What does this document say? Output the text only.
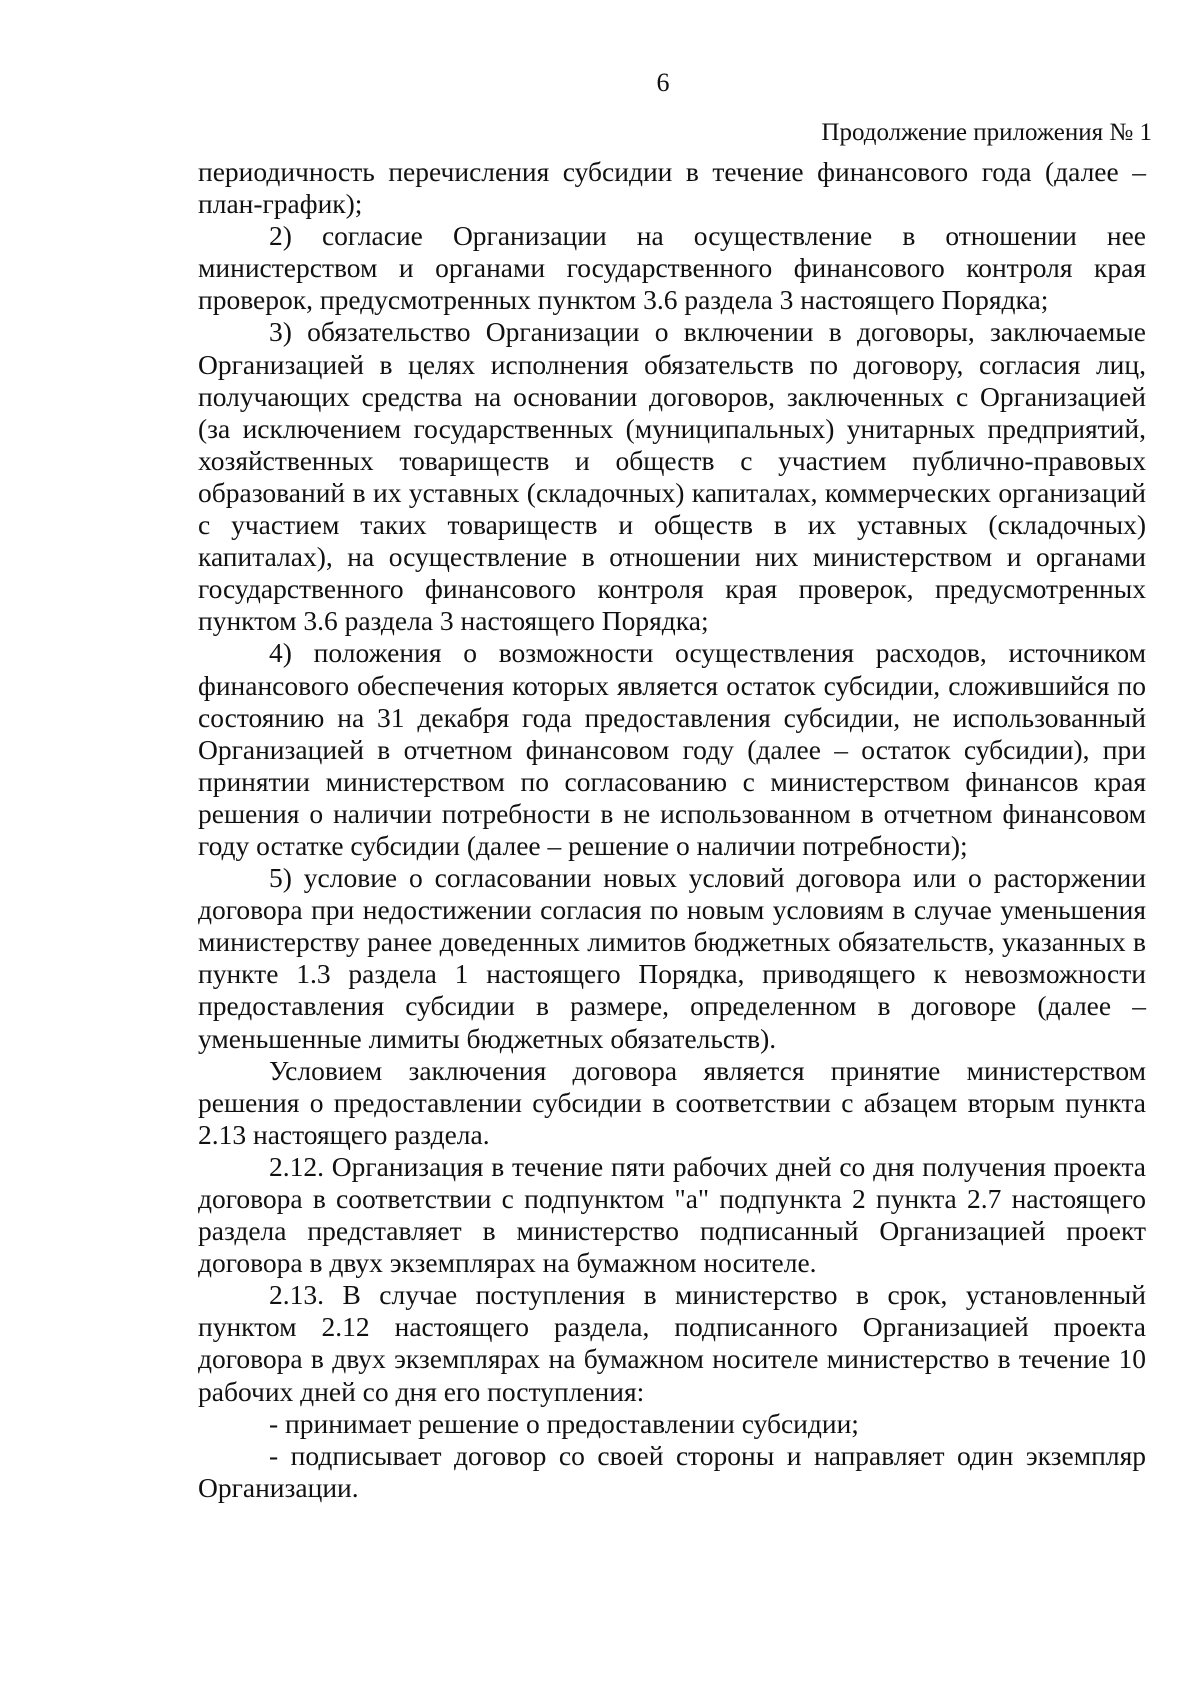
6
Продолжение приложения № 1

периодичность перечисления субсидии в течение финансового года (далее – план-график);

2) согласие Организации на осуществление в отношении нее министерством и органами государственного финансового контроля края проверок, предусмотренных пунктом 3.6 раздела 3 настоящего Порядка;

3) обязательство Организации о включении в договоры, заключаемые Организацией в целях исполнения обязательств по договору, согласия лиц, получающих средства на основании договоров, заключенных с Организацией (за исключением государственных (муниципальных) унитарных предприятий, хозяйственных товариществ и обществ с участием публично-правовых образований в их уставных (складочных) капиталах, коммерческих организаций с участием таких товариществ и обществ в их уставных (складочных) капиталах), на осуществление в отношении них министерством и органами государственного финансового контроля края проверок, предусмотренных пунктом 3.6 раздела 3 настоящего Порядка;

4) положения о возможности осуществления расходов, источником финансового обеспечения которых является остаток субсидии, сложившийся по состоянию на 31 декабря года предоставления субсидии, не использованный Организацией в отчетном финансовом году (далее – остаток субсидии), при принятии министерством по согласованию с министерством финансов края решения о наличии потребности в не использованном в отчетном финансовом году остатке субсидии (далее – решение о наличии потребности);

5) условие о согласовании новых условий договора или о расторжении договора при недостижении согласия по новым условиям в случае уменьшения министерству ранее доведенных лимитов бюджетных обязательств, указанных в пункте 1.3 раздела 1 настоящего Порядка, приводящего к невозможности предоставления субсидии в размере, определенном в договоре (далее – уменьшенные лимиты бюджетных обязательств).

Условием заключения договора является принятие министерством решения о предоставлении субсидии в соответствии с абзацем вторым пункта 2.13 настоящего раздела.

2.12. Организация в течение пяти рабочих дней со дня получения проекта договора в соответствии с подпунктом "а" подпункта 2 пункта 2.7 настоящего раздела представляет в министерство подписанный Организацией проект договора в двух экземплярах на бумажном носителе.

2.13. В случае поступления в министерство в срок, установленный пунктом 2.12 настоящего раздела, подписанного Организацией проекта договора в двух экземплярах на бумажном носителе министерство в течение 10 рабочих дней со дня его поступления:

- принимает решение о предоставлении субсидии;

- подписывает договор со своей стороны и направляет один экземпляр Организации.
